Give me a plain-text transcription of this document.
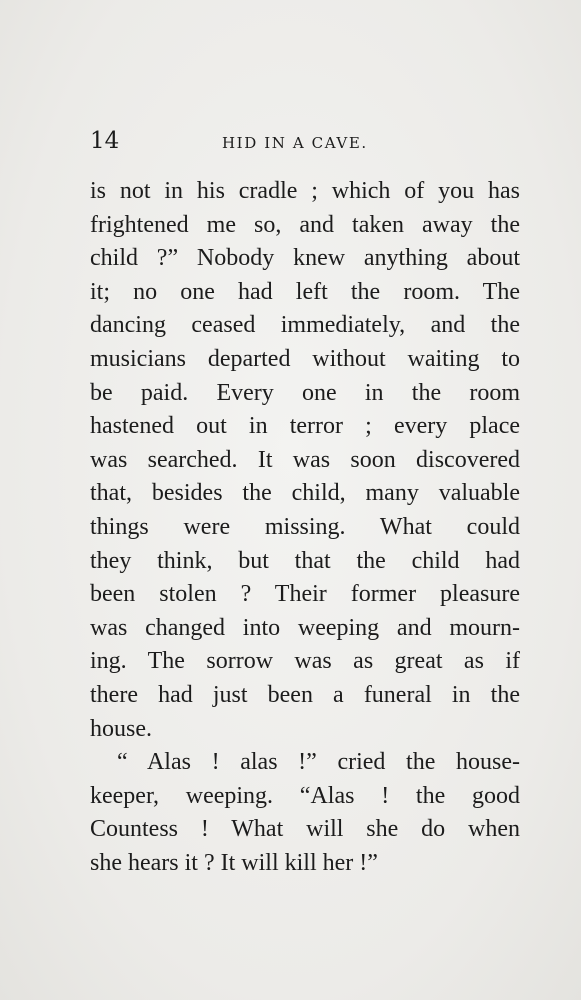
14	HID IN A CAVE.
is not in his cradle ; which of you has
frightened me so, and taken away the
child ?” Nobody knew anything about
it; no one had left the room. The
dancing ceased immediately, and the
musicians departed without waiting to
be paid. Every one in the room
hastened out in terror ; every place
was searched. It was soon discovered
that, besides the child, many valuable
things were missing. What could
they think, but that the child had
been stolen ? Their former pleasure
was changed into weeping and mourn-
ing. The sorrow was as great as if
there had just been a funeral in the
house.
“ Alas ! alas !” cried the house-
keeper, weeping. “Alas ! the good
Countess ! What will she do when
she hears it ? It will kill her !”
